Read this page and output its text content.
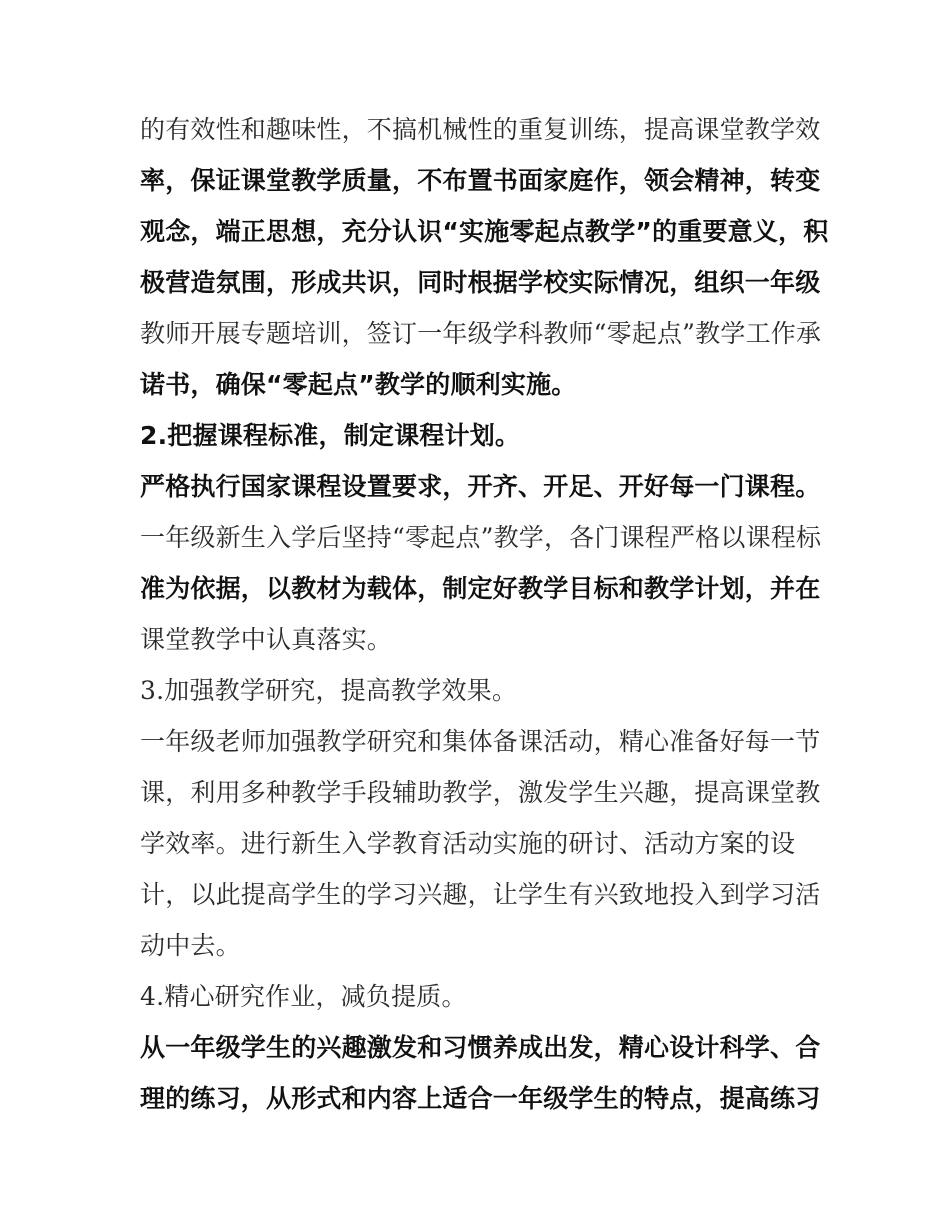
的有效性和趣味性，不搞机械性的重复训练，提高课堂教学效
率，保证课堂教学质量，不布置书面家庭作，领会精神，转变
观念，端正思想，充分认识“实施零起点教学”的重要意义，积
极营造氛围，形成共识，同时根据学校实际情况，组织一年级
教师开展专题培训，签订一年级学科教师“零起点”教学工作承
诺书，确保“零起点”教学的顺利实施。
2.把握课程标准，制定课程计划。
严格执行国家课程设置要求，开齐、开足、开好每一门课程。
一年级新生入学后坚持“零起点”教学，各门课程严格以课程标
准为依据，以教材为载体，制定好教学目标和教学计划，并在
课堂教学中认真落实。
3.加强教学研究，提高教学效果。
一年级老师加强教学研究和集体备课活动，精心准备好每一节
课，利用多种教学手段辅助教学，激发学生兴趣，提高课堂教
学效率。进行新生入学教育活动实施的研讨、活动方案的设
计，以此提高学生的学习兴趣，让学生有兴致地投入到学习活
动中去。
4.精心研究作业，减负提质。
从一年级学生的兴趣激发和习惯养成出发，精心设计科学、合
理的练习，从形式和内容上适合一年级学生的特点，提高练习
